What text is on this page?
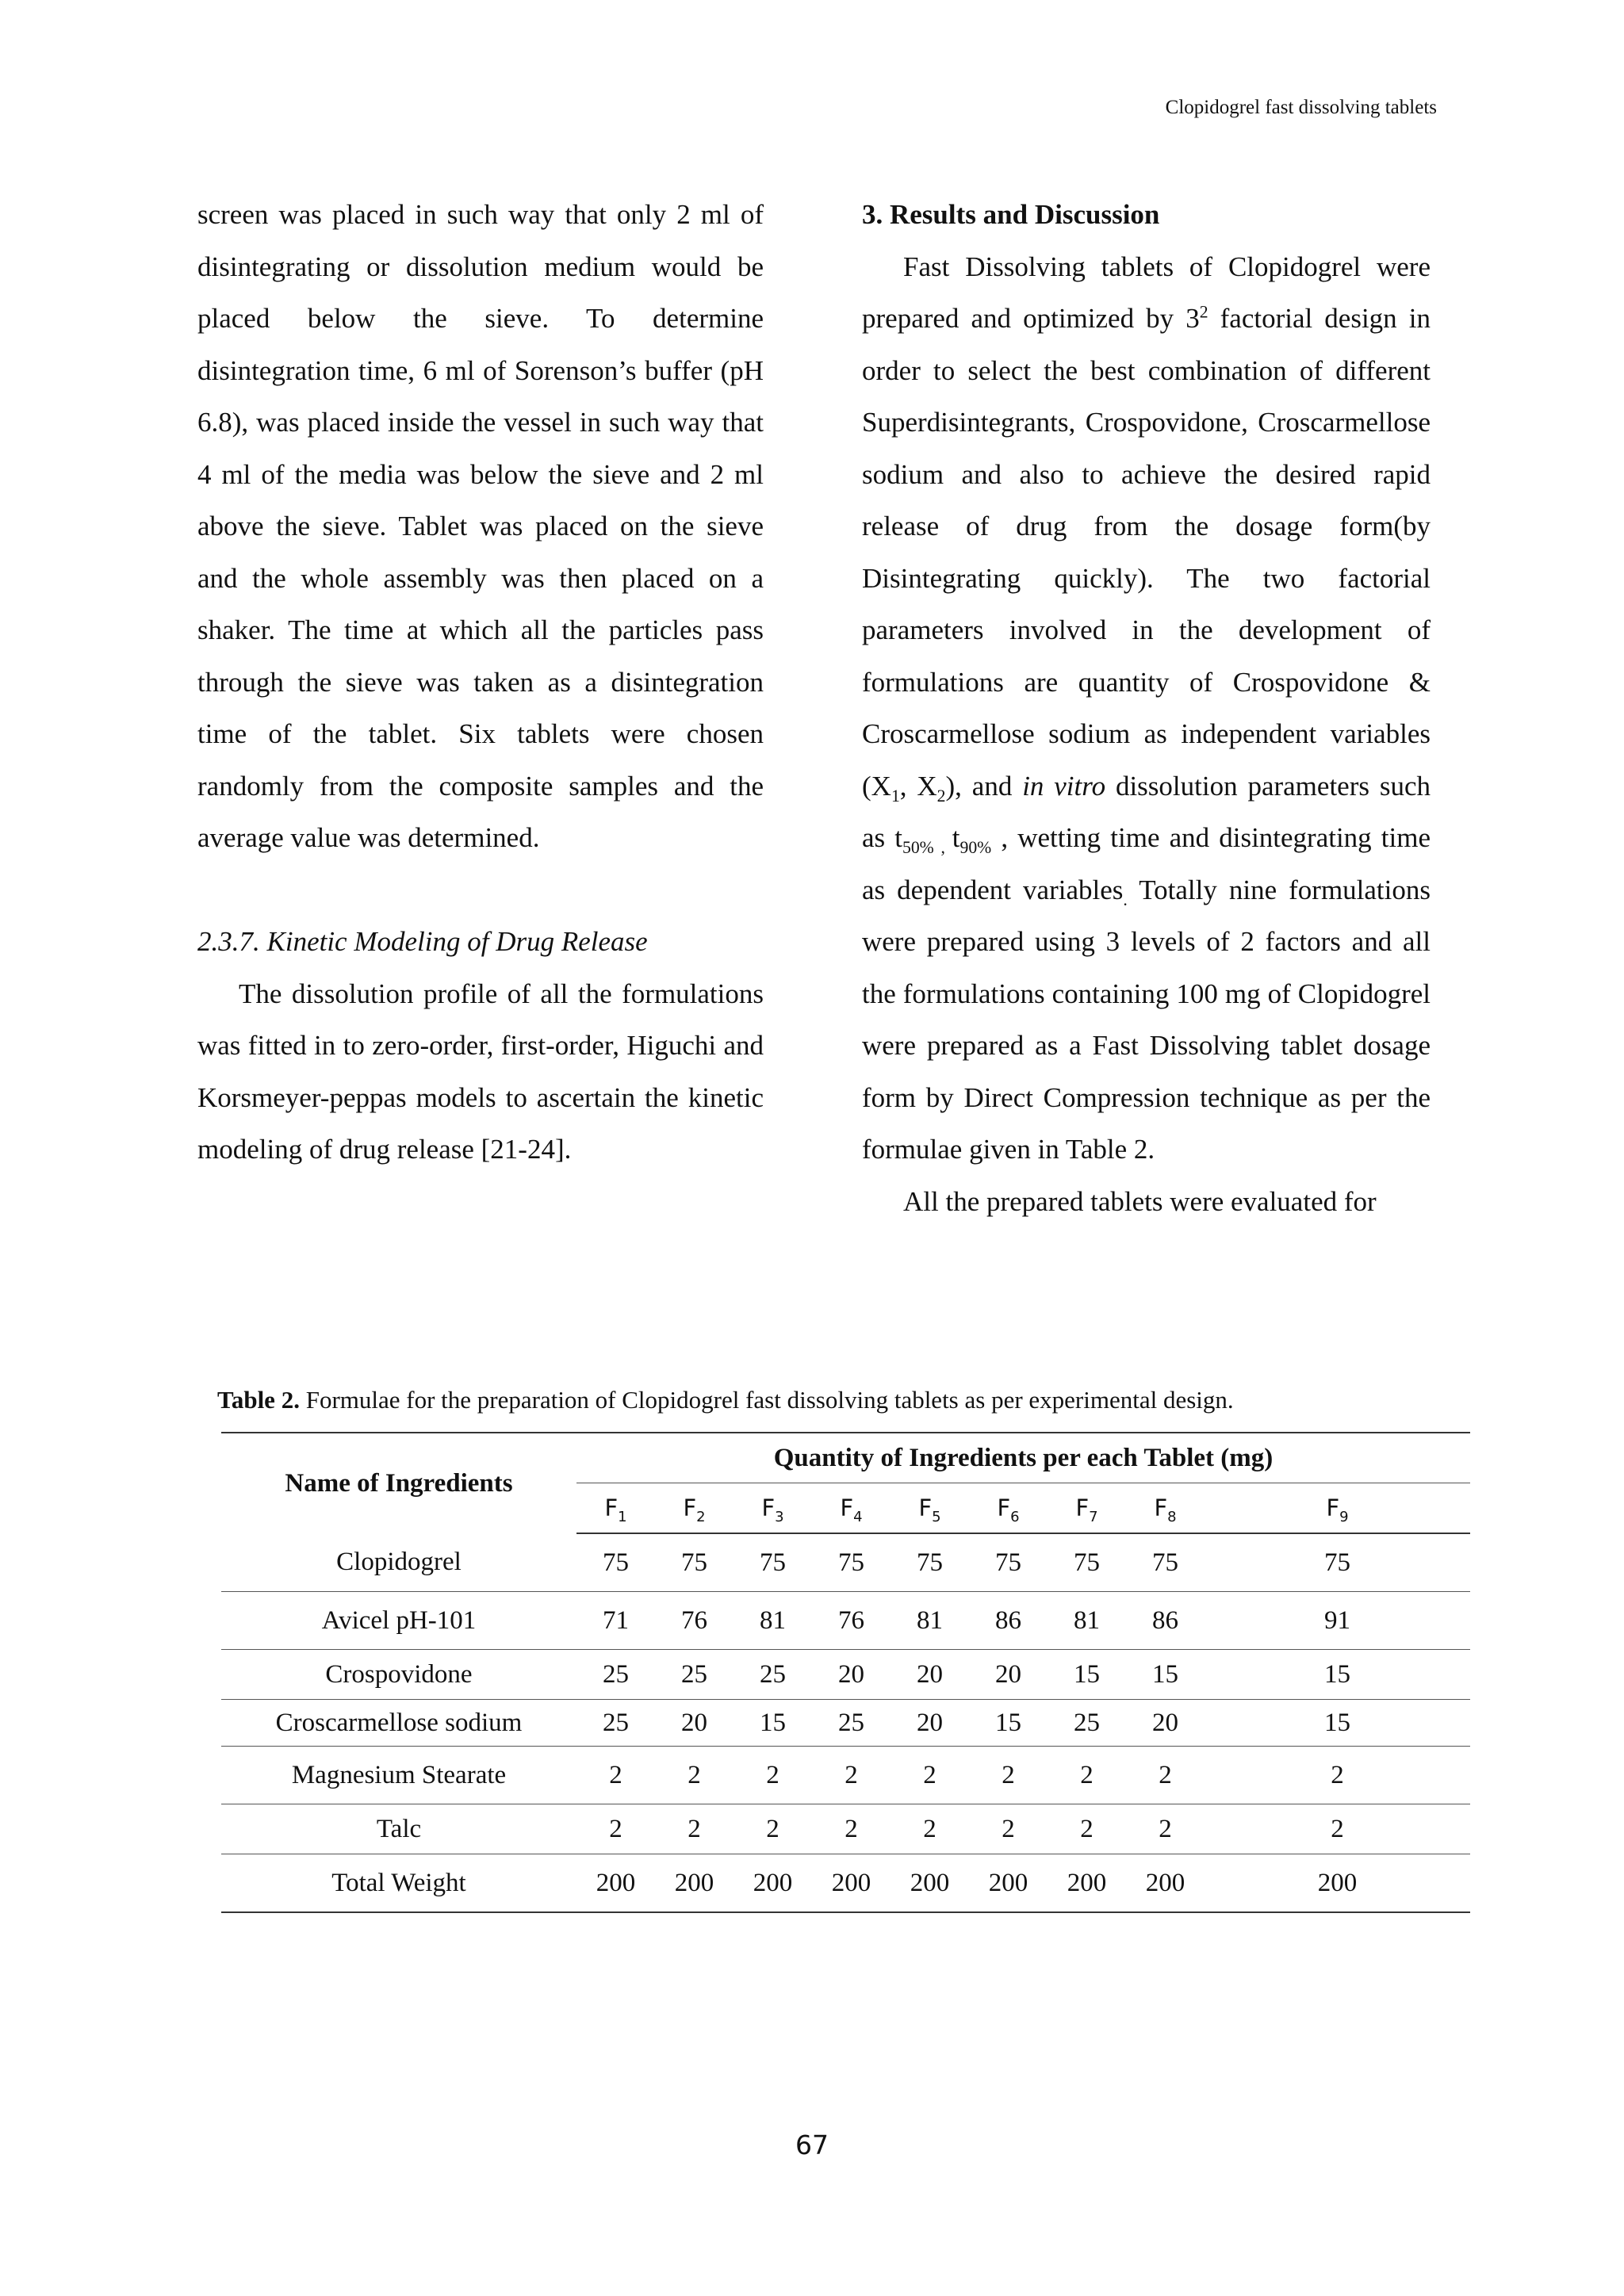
Clopidogrel fast dissolving tablets

screen was placed in such way that only 2 ml of disintegrating or dissolution medium would be placed below the sieve. To determine disintegration time, 6 ml of Sorenson’s buffer (pH 6.8), was placed inside the vessel in such way that 4 ml of the media was below the sieve and 2 ml above the sieve. Tablet was placed on the sieve and the whole assembly was then placed on a shaker. The time at which all the particles pass through the sieve was taken as a disintegration time of the tablet. Six tablets were chosen randomly from the composite samples and the average value was determined.

2.3.7. Kinetic Modeling of Drug Release

The dissolution profile of all the formulations was fitted in to zero-order, first-order, Higuchi and Korsmeyer-peppas models to ascertain the kinetic modeling of drug release [21-24].

3. Results and Discussion

Fast Dissolving tablets of Clopidogrel were prepared and optimized by $3^2$ factorial design in order to select the best combination of different Superdisintegrants, Crospovidone, Croscarmellose sodium and also to achieve the desired rapid release of drug from the dosage form(by Disintegrating quickly). The two factorial parameters involved in the development of formulations are quantity of Crospovidone & Croscarmellose sodium as independent variables ($X_1$, $X_2$), and in vitro dissolution parameters such as $t_{50\%}$ $_,$ $t_{90\%}$ , wetting time and disintegrating time as dependent variables$_.$ Totally nine formulations were prepared using 3 levels of 2 factors and all the formulations containing 100 mg of Clopidogrel were prepared as a Fast Dissolving tablet dosage form by Direct Compression technique as per the formulae given in Table 2.

All the prepared tablets were evaluated for

Table 2. Formulae for the preparation of Clopidogrel fast dissolving tablets as per experimental design.
Name of Ingredients	Quantity of Ingredients per each Tablet (mg)								
	$F_1$	$F_2$	$F_3$	$F_4$	$F_5$	$F_6$	$F_7$	$F_8$	$F_9$
Clopidogrel	75	75	75	75	75	75	75	75	75
Avicel pH-101	71	76	81	76	81	86	81	86	91
Crospovidone	25	25	25	20	20	20	15	15	15
Croscarmellose sodium	25	20	15	25	20	15	25	20	15
Magnesium Stearate	2	2	2	2	2	2	2	2	2
Talc	2	2	2	2	2	2	2	2	2
Total Weight	200	200	200	200	200	200	200	200	200
67
